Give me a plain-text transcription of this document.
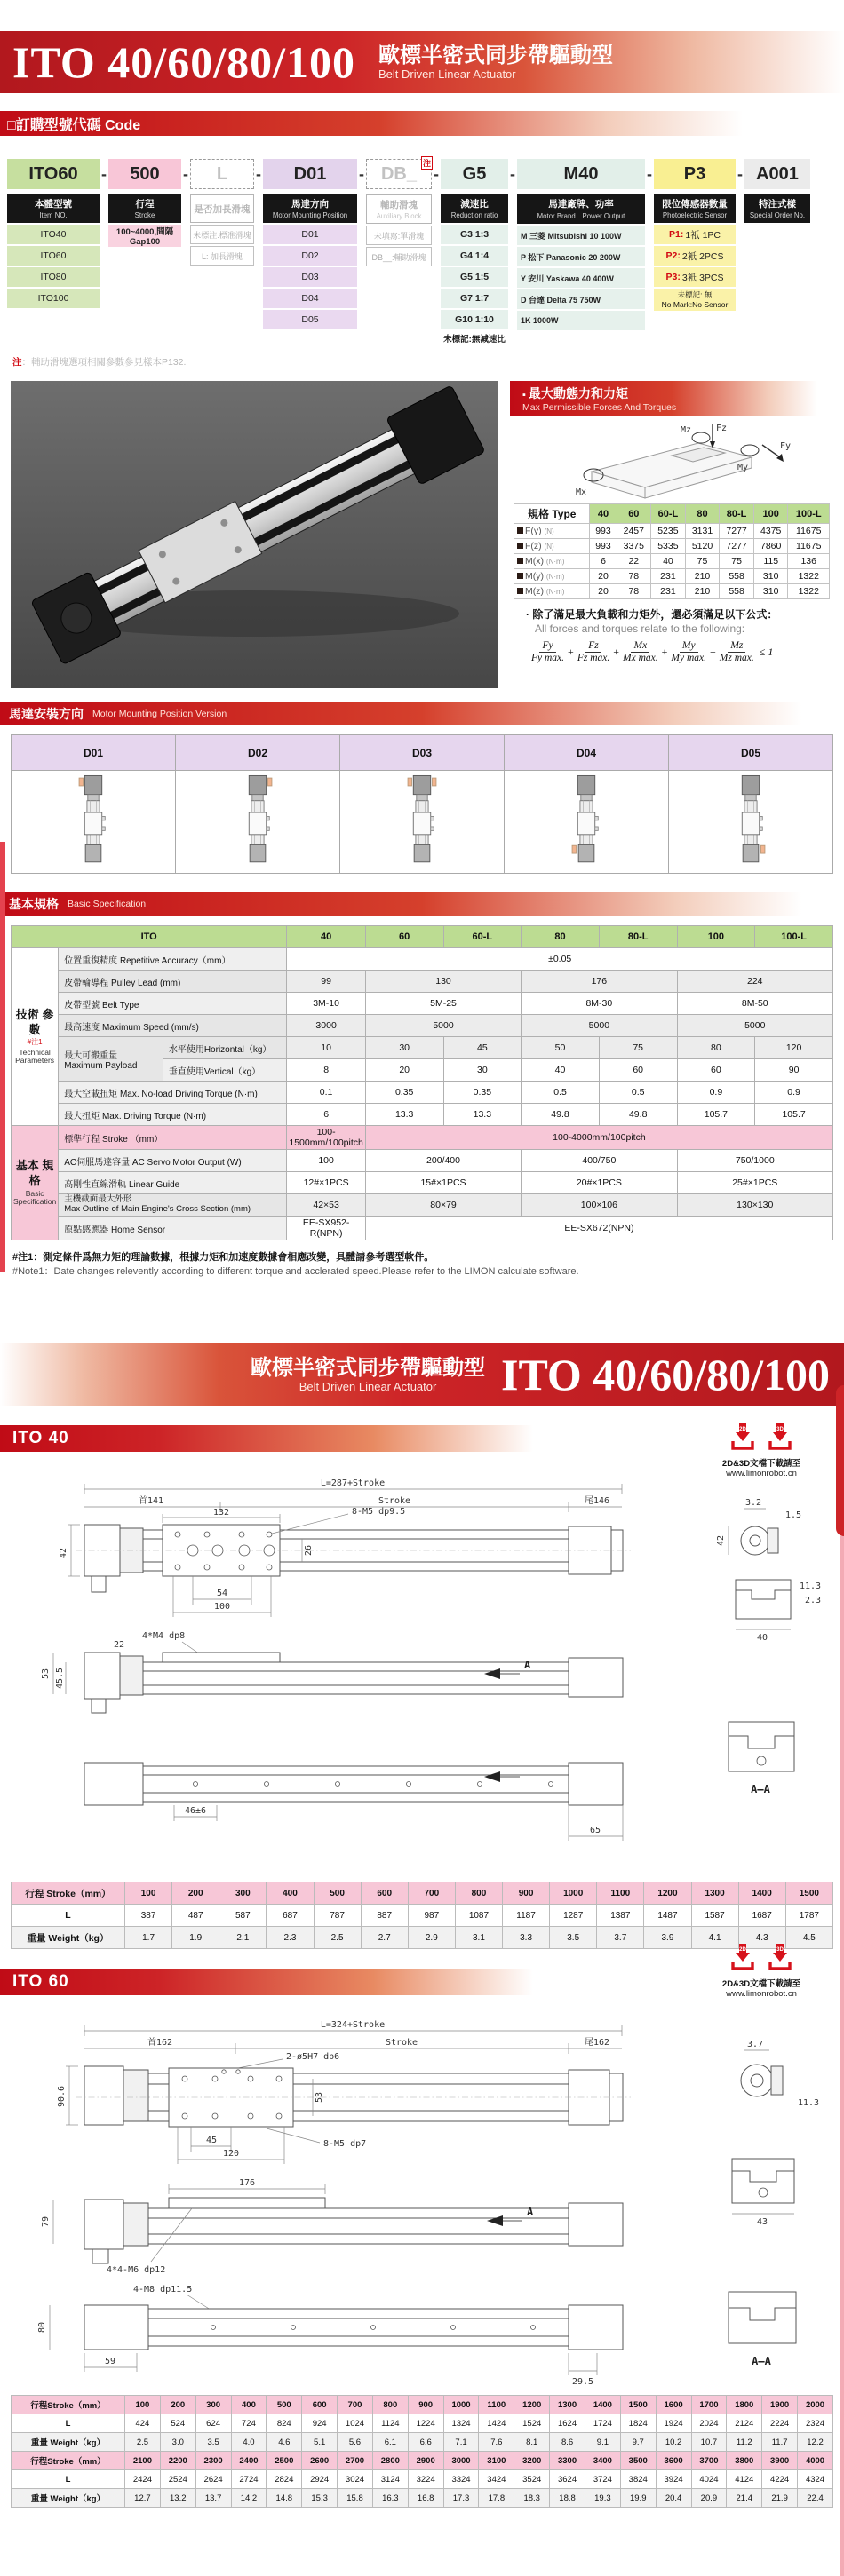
ITO 40/60/80/100 歐標半密式同步帶驅動型
Belt Driven Linear Actuator
□訂購型號代碼 Code
ITO60
本體型號
Item NO.
ITO40
ITO60
ITO80
ITO100
-	500
行程
Stroke
100~4000,間隔Gap100
-	L
是否加長滑塊
未標注:標准滑塊
L: 加長滑塊
-	D01
馬達方向
Motor Mounting Position
D01
D02
D03
D04
D05
- DB_
注
輔助滑塊
Auxiliary Block
未填寫:單滑塊
DB__:輔助滑塊
-	G5
減速比
Reduction ratio
G3 1:3
G4 1:4
G5 1:5
G7 1:7
G10 1:10
未標記:無減速比
-	M40
馬達廠牌、功率
Motor Brand、Power Output
M 三菱 Mitsubishi 10 100W
P 松下 Panasonic 20 200W
Y 安川 Yaskawa 40 400W
D 台達 Delta 75 750W
1K 1000W
-	P3
限位傳感器數量
Photoelectric Sensor
P1: 1衹 1PC
P2: 2衹 2PCS
P3: 3衹 3PCS
未標記: 無
No Mark:No Sensor
- A001
特注式樣
Special Order No.
注：輔助滑塊選項相關參數參見樣本P132.
▪ 最大動態力和力矩
Max Permissible Forces And Torques
Fz
Mz
My
Fy
Mx
規格 Type	40	60	60-L	80	80-L	100	100-L
F(y) (N)	993	2457	5235	3131	7277	4375	11675
F(z) (N)	993	3375	5335	5120	7277	7860	11675
M(x) (N·m)	6	22	40	75	75	115	136
M(y) (N·m)	20	78	231	210	558	310	1322
M(z) (N·m)	20	78	231	210	558	310	1322
· 除了滿足最大負載和力矩外，還必須滿足以下公式：
All forces and torques relate to the following:
$\frac{Fy}{\text{Fy max.}} + \frac{Fz}{\text{Fz max.}} + \frac{Mx}{\text{Mx max.}} + \frac{My}{\text{My max.}} + \frac{Mz}{\text{Mz max.}} \le 1$
馬達安裝方向 Motor Mounting Position Version
D01	D02	D03	D04	D05

基本規格 Basic Specification
ITO			40	60	60-L	80	80-L	100	100-L

技術 參數
#注1
Technical Parameters	位置重復精度 Repetitive Accuracy（mm）		±0.05						
	皮帶輪導程 Pulley Lead (mm)		99	130		176		224	
	皮帶型號 Belt Type		3M-10	5M-25		8M-30		8M-50	
	最高速度 Maximum Speed (mm/s)		3000	5000		5000		5000	

	最大可搬重量
Maximum Payload	水平使用Horizontal（kg）	10	30	45	50	75	80	120
		垂直使用Vertical（kg）	8	20	30	40	60	60	90
	最大空載扭矩 Max. No-load Driving Torque (N·m)		0.1	0.35	0.35	0.5	0.5	0.9	0.9
	最大扭矩 Max. Driving Torque (N·m)		6	13.3	13.3	49.8	49.8	105.7	105.7

基本 規格
Basic Specification	標準行程 Stroke （mm）		100-1500mm/100pitch	100-4000mm/100pitch					
	AC伺服馬達容量 AC Servo Motor Output (W)		100	200/400		400/750		750/1000	
	高剛性直線滑軌 Linear Guide		12#×1PCS	15#×1PCS		20#×1PCS		25#×1PCS	

	主機截面最大外形
Max Outline of Main Engine's Cross Section (mm)		42×53	80×79		100×106		130×130	
	原點感應器 Home Sensor		EE-SX952-R(NPN)	EE-SX672(NPN)					
#注1：測定條件爲無力矩的理論數據，根據力矩和加速度數據會相應改變，具體請參考選型軟件。
#Note1：Date changes relevently according to different torque and acclerated speed.Please refer to the LIMON calculate software.
歐標半密式同步帶驅動型
Belt Driven Linear Actuator	ITO 40/60/80/100
ITO 40	2D	3D
2D&3D文檔下載請至
www.limonrobot.cn
L=287+Stroke
首141	Stroke	尾146
132	8-M5 dp9.5
42	26
54
100
4*M4 dp8
22
53 45.5
A
46±6
65
3.2
1.5
42
11.3
2.3
40
A—A
行程 Stroke（mm）	100	200	300	400	500	600	700	800	900	1000	1100	1200	1300	1400	1500
L	387	487	587	687	787	887	987	1087	1187	1287	1387	1487	1587	1687	1787
重量 Weight（kg）	1.7	1.9	2.1	2.3	2.5	2.7	2.9	3.1	3.3	3.5	3.7	3.9	4.1	4.3	4.5
ITO 60
2D	3D
2D&3D文檔下載請至
www.limonrobot.cn
L=324+Stroke
首162	Stroke	尾162
2-ø5H7 dp6
90.6	53
8-M5 dp7
45
120
176
79
4*4-M6 dp12
A
4-M8 dp11.5
80
59
29.5
3.7
11.3
43
A—A
行程Stroke（mm）	100	200	300	400	500	600	700	800	900	1000	1100	1200	1300	1400	1500	1600	1700	1800	1900	2000
L	424	524	624	724	824	924	1024	1124	1224	1324	1424	1524	1624	1724	1824	1924	2024	2124	2224	2324
重量 Weight（kg）	2.5	3.0	3.5	4.0	4.6	5.1	5.6	6.1	6.6	7.1	7.6	8.1	8.6	9.1	9.7	10.2	10.7	11.2	11.7	12.2
行程Stroke（mm）	2100	2200	2300	2400	2500	2600	2700	2800	2900	3000	3100	3200	3300	3400	3500	3600	3700	3800	3900	4000
L	2424	2524	2624	2724	2824	2924	3024	3124	3224	3324	3424	3524	3624	3724	3824	3924	4024	4124	4224	4324
重量 Weight（kg）	12.7	13.2	13.7	14.2	14.8	15.3	15.8	16.3	16.8	17.3	17.8	18.3	18.8	19.3	19.9	20.4	20.9	21.4	21.9	22.4
